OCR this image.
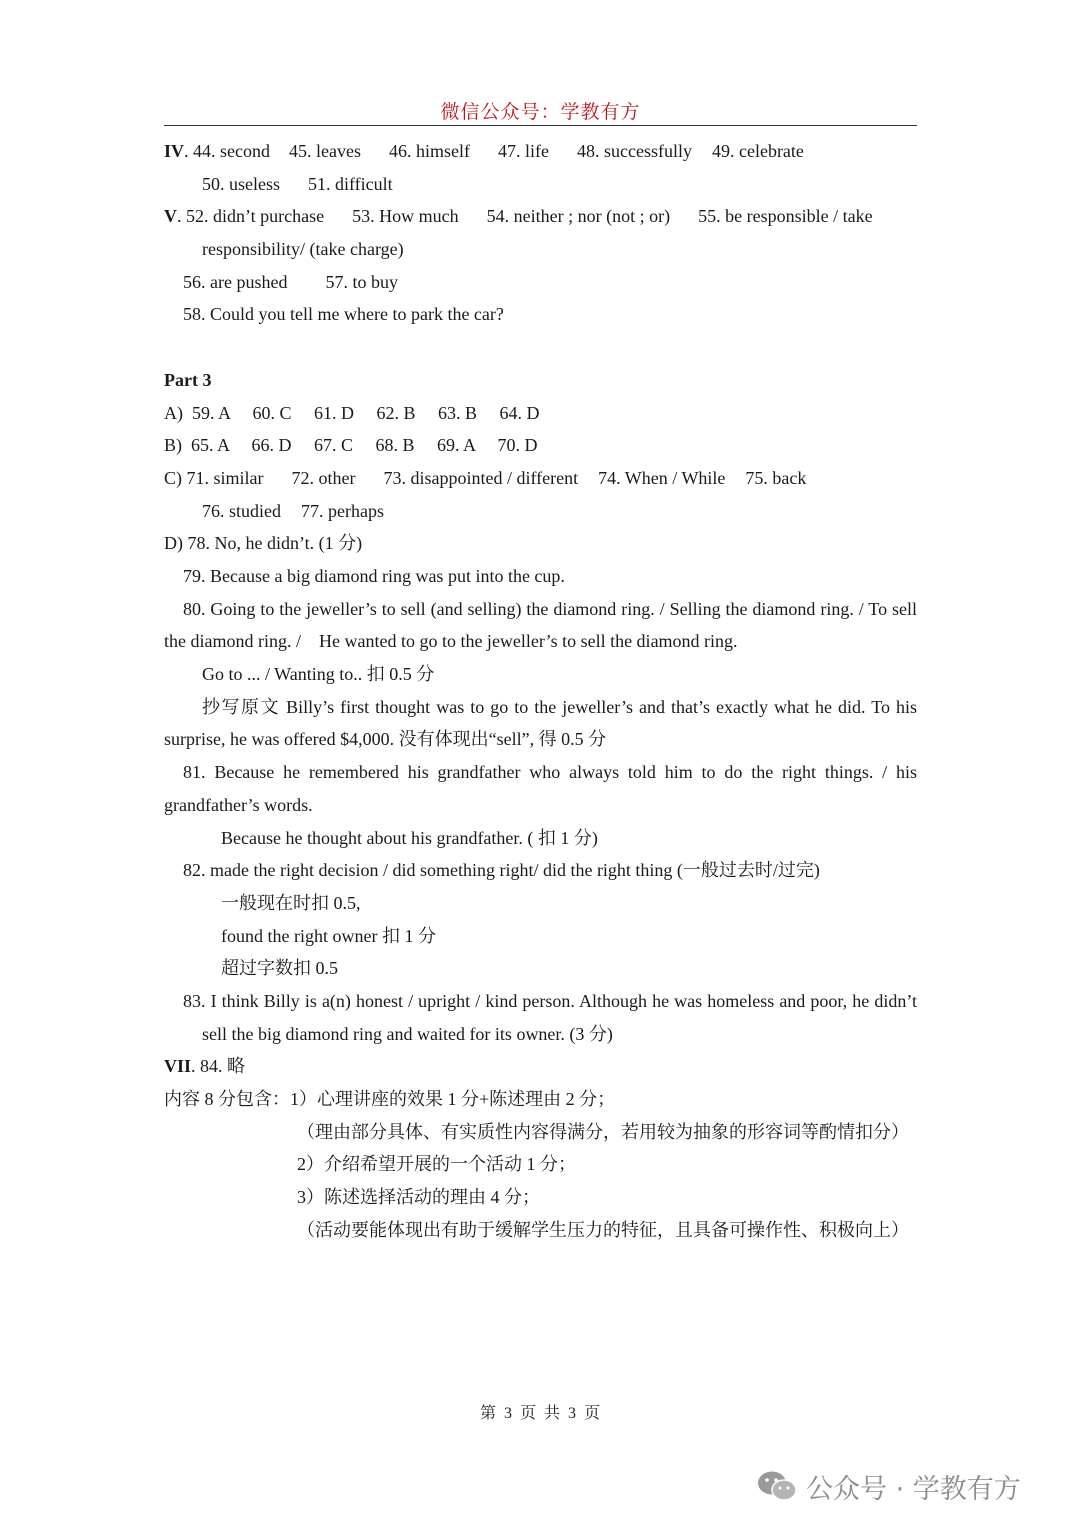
微信公众号：学教有方
IV. 44. second 45. leaves 46. himself 47. life 48. successfully 49. celebrate
50. useless 51. difficult
V. 52. didn’t purchase 53. How much 54. neither ; nor (not ; or) 55. be responsible / take
responsibility/ (take charge)
56. are pushed 57. to buy
58. Could you tell me where to park the car?
Part 3
A)  59. A     60. C     61. D     62. B     63. B     64. D
B)  65. A     66. D     67. C     68. B     69. A     70. D
C) 71. similar 72. other 73. disappointed / different 74. When / While 75. back
76. studied 77. perhaps
D) 78. No, he didn’t. (1 分)
79. Because a big diamond ring was put into the cup.
80. Going to the jeweller’s to sell (and selling) the diamond ring. / Selling the diamond ring. / To sell the diamond ring. /    He wanted to go to the jeweller’s to sell the diamond ring.
Go to ... / Wanting to.. 扣 0.5 分
抄写原文 Billy’s first thought was to go to the jeweller’s and that’s exactly what he did. To his surprise, he was offered $4,000. 没有体现出“sell”, 得 0.5 分
81. Because he remembered his grandfather who always told him to do the right things. / his grandfather’s words.
Because he thought about his grandfather. ( 扣 1 分)
82. made the right decision / did something right/ did the right thing (一般过去时/过完)
一般现在时扣 0.5,
found the right owner 扣 1 分
超过字数扣 0.5
83. I think Billy is a(n) honest / upright / kind person. Although he was homeless and poor, he didn’t sell the big diamond ring and waited for its owner. (3 分)
VII. 84. 略
内容 8 分包含：1）心理讲座的效果 1 分+陈述理由 2 分；
（理由部分具体、有实质性内容得满分，若用较为抽象的形容词等酌情扣分）
2）介绍希望开展的一个活动 1 分；
3）陈述选择活动的理由 4 分；
（活动要能体现出有助于缓解学生压力的特征，且具备可操作性、积极向上）
第  3  页  共  3  页
公众号 · 学教有方
